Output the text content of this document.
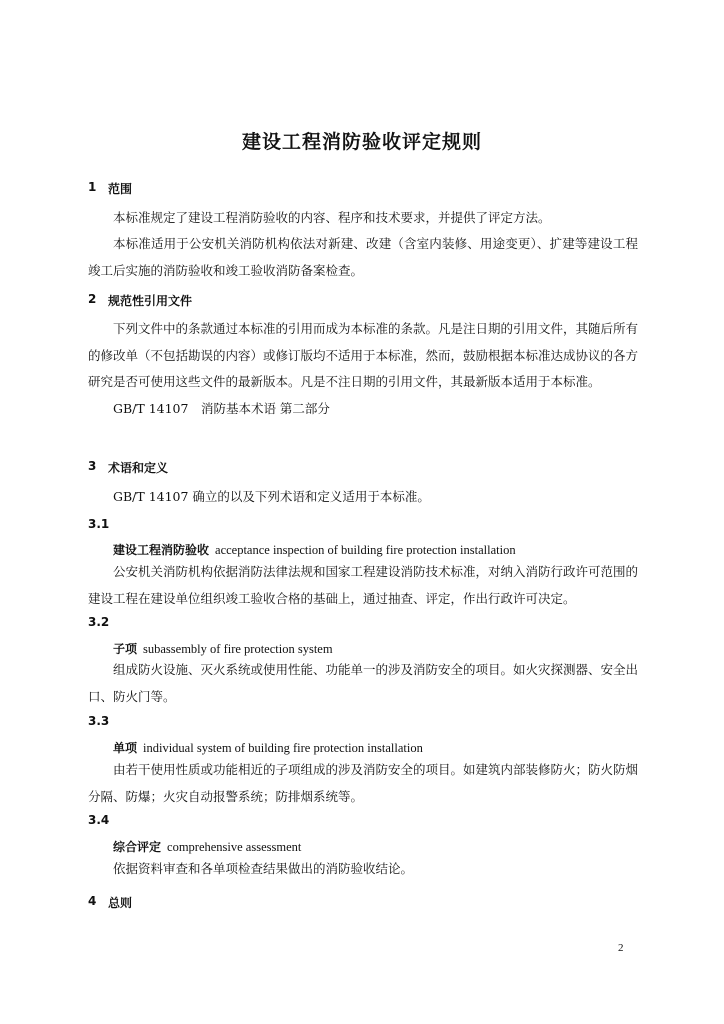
建设工程消防验收评定规则
1 范围
本标准规定了建设工程消防验收的内容、程序和技术要求，并提供了评定方法。
本标准适用于公安机关消防机构依法对新建、改建（含室内装修、用途变更）、扩建等建设工程竣工后实施的消防验收和竣工验收消防备案检查。
2 规范性引用文件
下列文件中的条款通过本标准的引用而成为本标准的条款。凡是注日期的引用文件，其随后所有的修改单（不包括勘误的内容）或修订版均不适用于本标准，然而，鼓励根据本标准达成协议的各方研究是否可使用这些文件的最新版本。凡是不注日期的引用文件，其最新版本适用于本标准。
GB/T 14107　消防基本术语 第二部分
3 术语和定义
GB/T 14107 确立的以及下列术语和定义适用于本标准。
3.1
建设工程消防验收 acceptance inspection of building fire protection installation
公安机关消防机构依据消防法律法规和国家工程建设消防技术标准，对纳入消防行政许可范围的建设工程在建设单位组织竣工验收合格的基础上，通过抽查、评定，作出行政许可决定。
3.2
子项 subassembly of fire protection system
组成防火设施、灭火系统或使用性能、功能单一的涉及消防安全的项目。如火灾探测器、安全出口、防火门等。
3.3
单项 individual system of building fire protection installation
由若干使用性质或功能相近的子项组成的涉及消防安全的项目。如建筑内部装修防火；防火防烟分隔、防爆；火灾自动报警系统；防排烟系统等。
3.4
综合评定 comprehensive assessment
依据资料审查和各单项检查结果做出的消防验收结论。
4 总则
2
